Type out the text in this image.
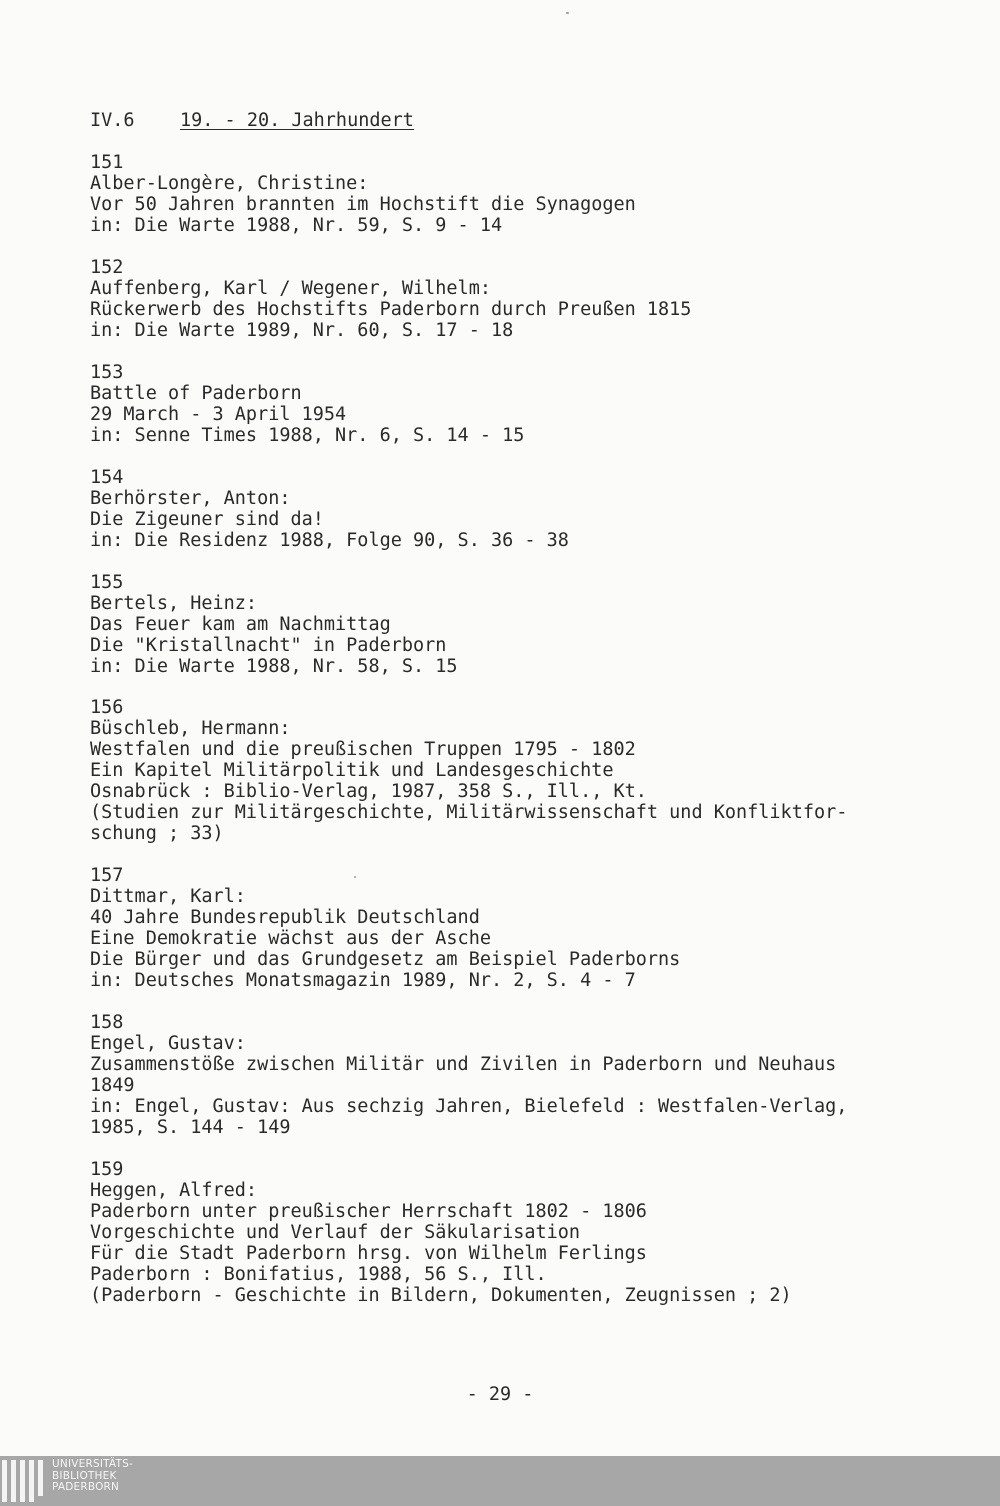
IV.6 19. - 20. Jahrhundert
151
Alber-Longère, Christine:
Vor 50 Jahren brannten im Hochstift die Synagogen
in: Die Warte 1988, Nr. 59, S. 9 - 14
152
Auffenberg, Karl / Wegener, Wilhelm:
Rückerwerb des Hochstifts Paderborn durch Preußen 1815
in: Die Warte 1989, Nr. 60, S. 17 - 18
153
Battle of Paderborn
29 March - 3 April 1954
in: Senne Times 1988, Nr. 6, S. 14 - 15
154
Berhörster, Anton:
Die Zigeuner sind da!
in: Die Residenz 1988, Folge 90, S. 36 - 38
155
Bertels, Heinz:
Das Feuer kam am Nachmittag
Die "Kristallnacht" in Paderborn
in: Die Warte 1988, Nr. 58, S. 15
156
Büschleb, Hermann:
Westfalen und die preußischen Truppen 1795 - 1802
Ein Kapitel Militärpolitik und Landesgeschichte
Osnabrück : Biblio-Verlag, 1987, 358 S., Ill., Kt.
(Studien zur Militärgeschichte, Militärwissenschaft und Konfliktfor-
schung ; 33)
157
Dittmar, Karl:
40 Jahre Bundesrepublik Deutschland
Eine Demokratie wächst aus der Asche
Die Bürger und das Grundgesetz am Beispiel Paderborns
in: Deutsches Monatsmagazin 1989, Nr. 2, S. 4 - 7
158
Engel, Gustav:
Zusammenstöße zwischen Militär und Zivilen in Paderborn und Neuhaus
1849
in: Engel, Gustav: Aus sechzig Jahren, Bielefeld : Westfalen-Verlag,
1985, S. 144 - 149
159
Heggen, Alfred:
Paderborn unter preußischer Herrschaft 1802 - 1806
Vorgeschichte und Verlauf der Säkularisation
Für die Stadt Paderborn hrsg. von Wilhelm Ferlings
Paderborn : Bonifatius, 1988, 56 S., Ill.
(Paderborn - Geschichte in Bildern, Dokumenten, Zeugnissen ; 2)
- 29 -
UNIVERSITÄTS-
BIBLIOTHEK
PADERBORN
